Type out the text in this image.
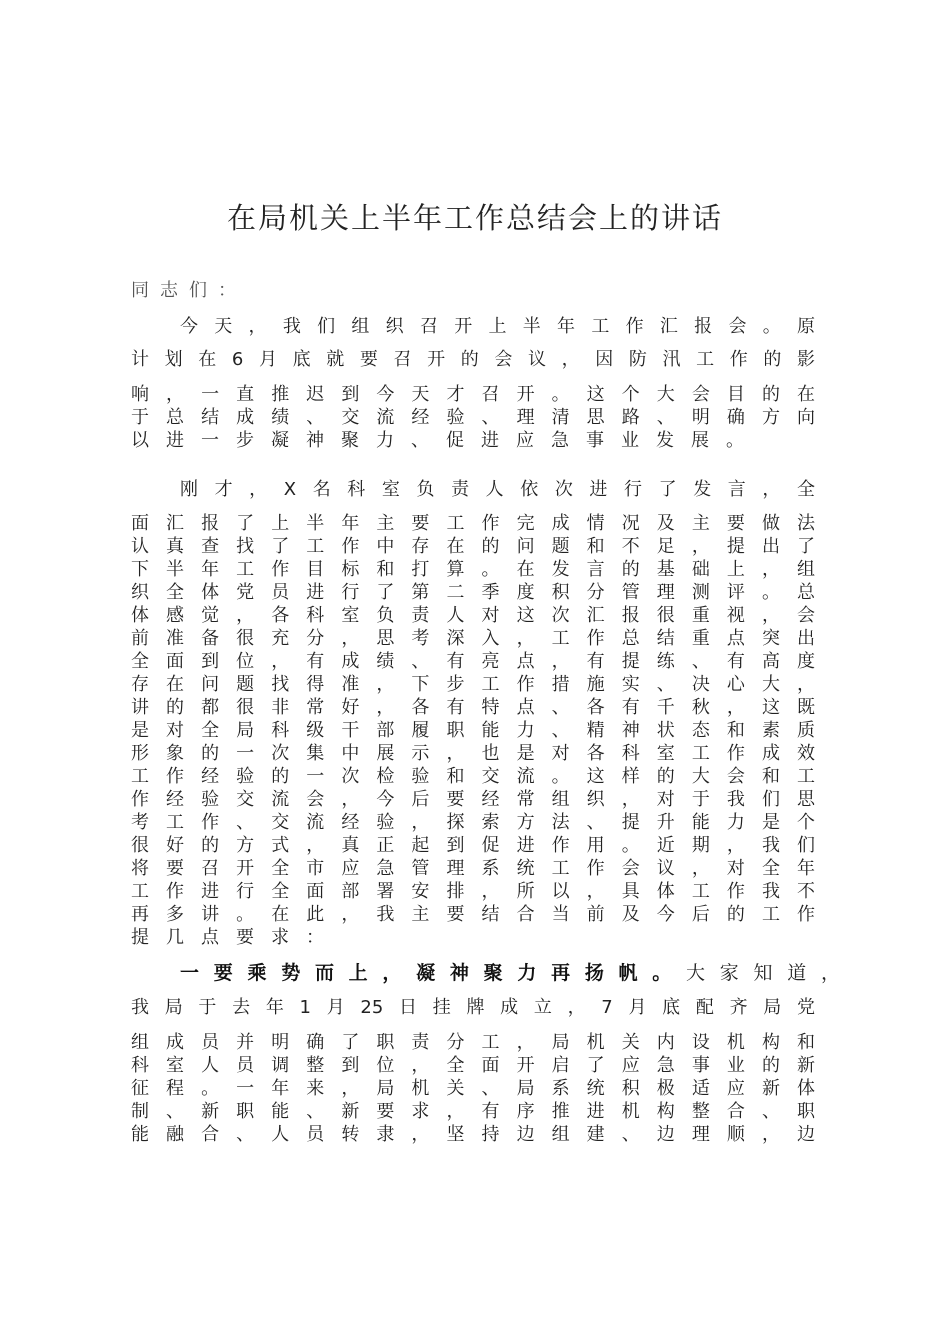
在局机关上半年工作总结会上的讲话
同志们：
今天，我们组织召开上半年工作汇报会。原
计划在6月底就要召开的会议，因防汛工作的影
响，一直推迟到今天才召开。这个大会目的在
于总结成绩、交流经验、理清思路、明确方向
以进一步凝神聚力、促进应急事业发展。
刚才，X名科室负责人依次进行了发言，全
面汇报了上半年主要工作完成情况及主要做法
认真查找了工作中存在的问题和不足，提出了
下半年工作目标和打算。在发言的基础上，组
织全体党员进行了第二季度积分管理测评。总
体感觉，各科室负责人对这次汇报很重视，会
前准备很充分，思考深入，工作总结重点突出
全面到位，有成绩、有亮点，有提练、有高度
存在问题找得准，下步工作措施实、决心大，
讲的都很非常好，各有特点、各有千秋，这既
是对全局科级干部履职能力、精神状态和素质
形象的一次集中展示，也是对各科室工作成效
工作经验的一次检验和交流。这样的大会和工
作经验交流会，今后要经常组织，对于我们思
考工作、交流经验，探索方法、提升能力是个
很好的方式，真正起到促进作用。近期，我们
将要召开全市应急管理系统工作会议，对全年
工作进行全面部署安排，所以，具体工作我不
再多讲。在此，我主要结合当前及今后的工作
提几点要求：
一要乘势而上，凝神聚力再扬帆。大家知道，
我局于去年1月25日挂牌成立，7月底配齐局党
组成员并明确了职责分工，局机关内设机构和
科室人员调整到位，全面开启了应急事业的新
征程。一年来，局机关、局系统积极适应新体
制、新职能、新要求，有序推进机构整合、职
能融合、人员转隶，坚持边组建、边理顺，边
